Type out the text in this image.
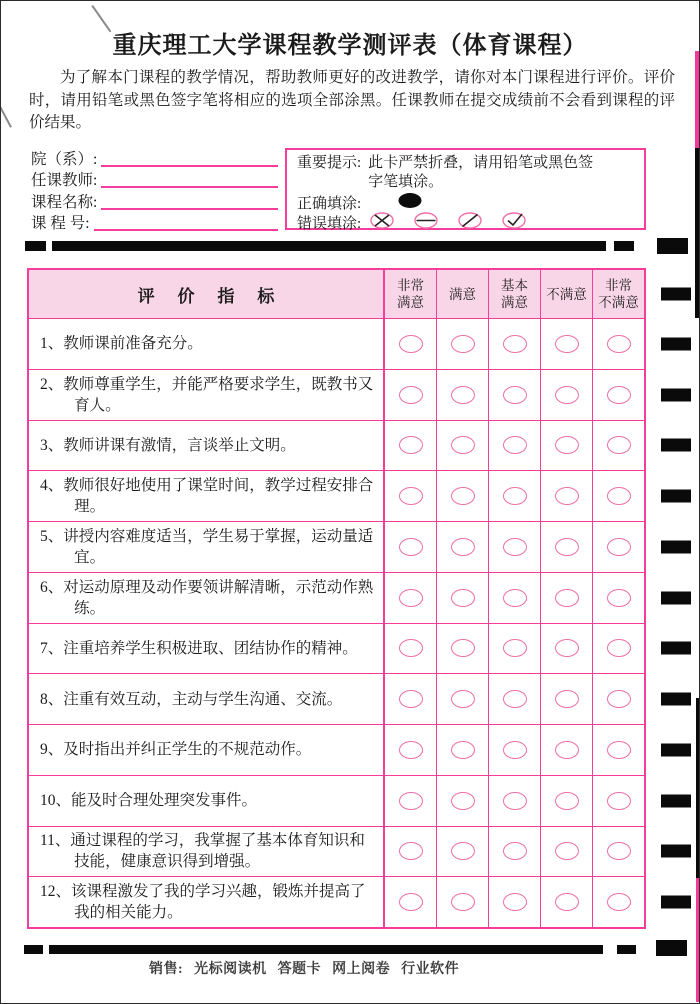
重庆理工大学课程教学测评表（体育课程）

为了解本门课程的教学情况，帮助教师更好的改进教学，请你对本门课程进行评价。评价时，请用铅笔或黑色签字笔将相应的选项全部涂黑。任课教师在提交成绩前不会看到课程的评价结果。

院（系）:
任课教师:
课程名称:
课 程 号:
重要提示: 此卡严禁折叠，请用铅笔或黑色签字笔填涂。
正确填涂:
错误填涂:
评 价 指 标
非常
满意
满意
基本
满意
不满意
非常
不满意
1、教师课前准备充分。
2、教师尊重学生，并能严格要求学生，既教书又育人。
3、教师讲课有激情，言谈举止文明。
4、教师很好地使用了课堂时间，教学过程安排合理。
5、讲授内容难度适当，学生易于掌握，运动量适宜。
6、对运动原理及动作要领讲解清晰，示范动作熟练。
7、注重培养学生积极进取、团结协作的精神。
8、注重有效互动，主动与学生沟通、交流。
9、及时指出并纠正学生的不规范动作。
10、能及时合理处理突发事件。
11、通过课程的学习，我掌握了基本体育知识和技能，健康意识得到增强。
12、该课程激发了我的学习兴趣，锻炼并提高了我的相关能力。
销售: 光标阅读机 答题卡 网上阅卷 行业软件
